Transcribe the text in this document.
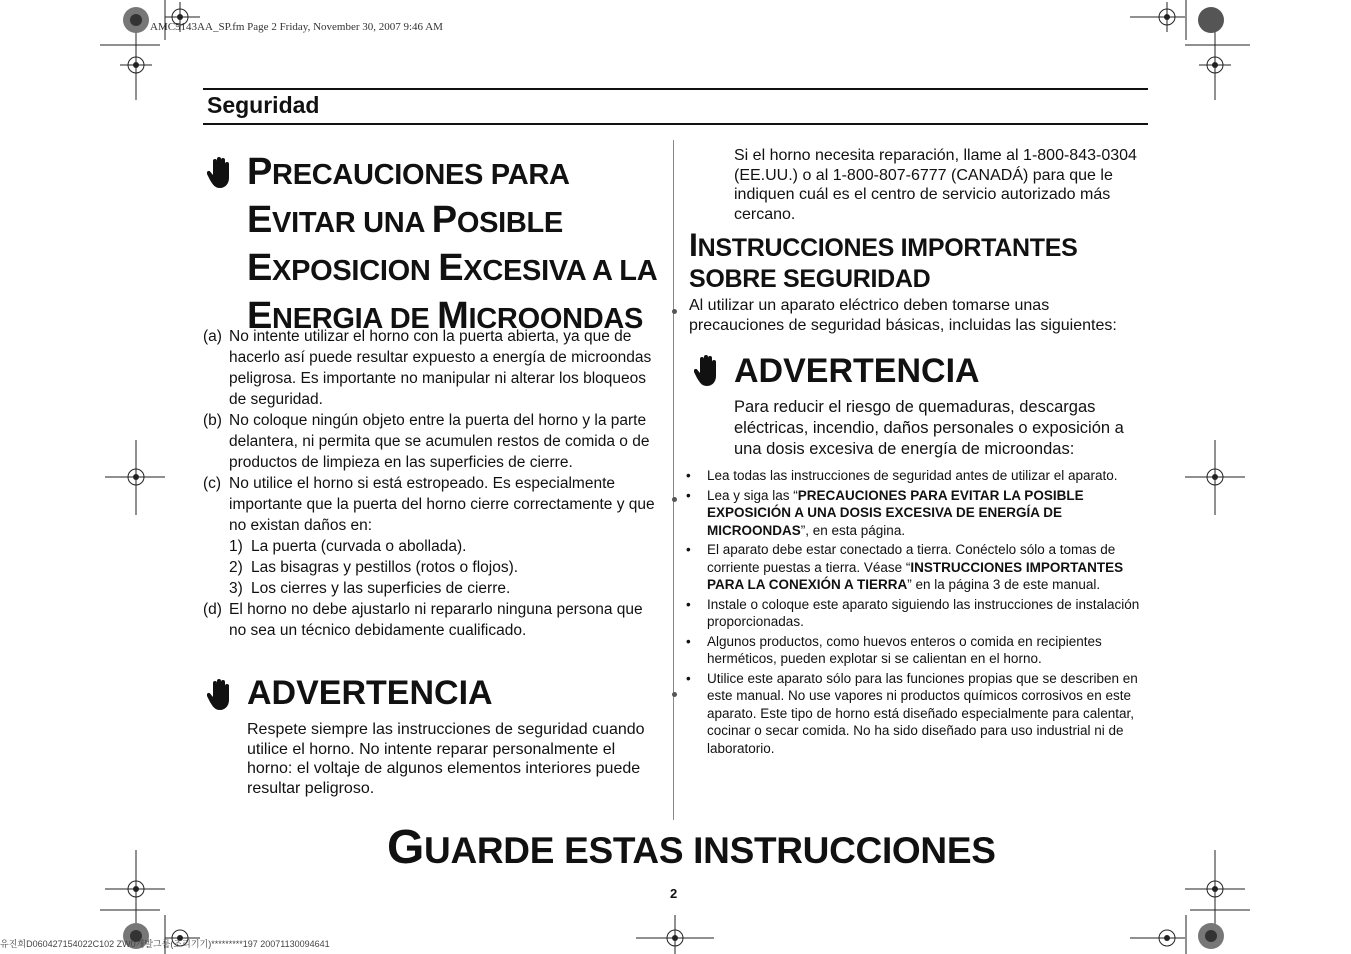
AMC5143AA_SP.fm Page 2 Friday, November 30, 2007 9:46 AM
Seguridad
PRECAUCIONES PARA
EVITAR UNA POSIBLE
EXPOSICION EXCESIVA A LA
ENERGIA DE MICROONDAS
(a) No intente utilizar el horno con la puerta abierta, ya que de hacerlo así puede resultar expuesto a energía de microondas peligrosa. Es importante no manipular ni alterar los bloqueos de seguridad.
(b) No coloque ningún objeto entre la puerta del horno y la parte delantera, ni permita que se acumulen restos de comida o de productos de limpieza en las superficies de cierre.
(c) No utilice el horno si está estropeado. Es especialmente importante que la puerta del horno cierre correctamente y que no existan daños en:
1) La puerta (curvada o abollada).
2) Las bisagras y pestillos (rotos o flojos).
3) Los cierres y las superficies de cierre.
(d) El horno no debe ajustarlo ni repararlo ninguna persona que no sea un técnico debidamente cualificado.
ADVERTENCIA
Respete siempre las instrucciones de seguridad cuando utilice el horno. No intente reparar personalmente el horno: el voltaje de algunos elementos interiores puede resultar peligroso.
Si el horno necesita reparación, llame al 1-800-843-0304 (EE.UU.) o al 1-800-807-6777 (CANADÁ) para que le indiquen cuál es el centro de servicio autorizado más cercano.
INSTRUCCIONES IMPORTANTES SOBRE SEGURIDAD
Al utilizar un aparato eléctrico deben tomarse unas precauciones de seguridad básicas, incluidas las siguientes:
ADVERTENCIA
Para reducir el riesgo de quemaduras, descargas eléctricas, incendio, daños personales o exposición a una dosis excesiva de energía de microondas:
•	Lea todas las instrucciones de seguridad antes de utilizar el aparato.
•	Lea y siga las “PRECAUCIONES PARA EVITAR LA POSIBLE EXPOSICIÓN A UNA DOSIS EXCESIVA DE ENERGÍA DE MICROONDAS”, en esta página.
•	El aparato debe estar conectado a tierra. Conéctelo sólo a tomas de corriente puestas a tierra. Véase “INSTRUCCIONES IMPORTANTES PARA LA CONEXIÓN A TIERRA” en la página 3 de este manual.
•	Instale o coloque este aparato siguiendo las instrucciones de instalación proporcionadas.
•	Algunos productos, como huevos enteros o comida en recipientes herméticos, pueden explotar si se calientan en el horno.
•	Utilice este aparato sólo para las funciones propias que se describen en este manual. No use vapores ni productos químicos corrosivos en este aparato. Este tipo de horno está diseñado especialmente para calentar, cocinar o secar comida. No ha sido diseñado para uso industrial ni de laboratorio.
GUARDE ESTAS INSTRUCCIONES
2
유진희D060427154022C102 ZW0개발그룹(조리기기)*********197 20071130094641
